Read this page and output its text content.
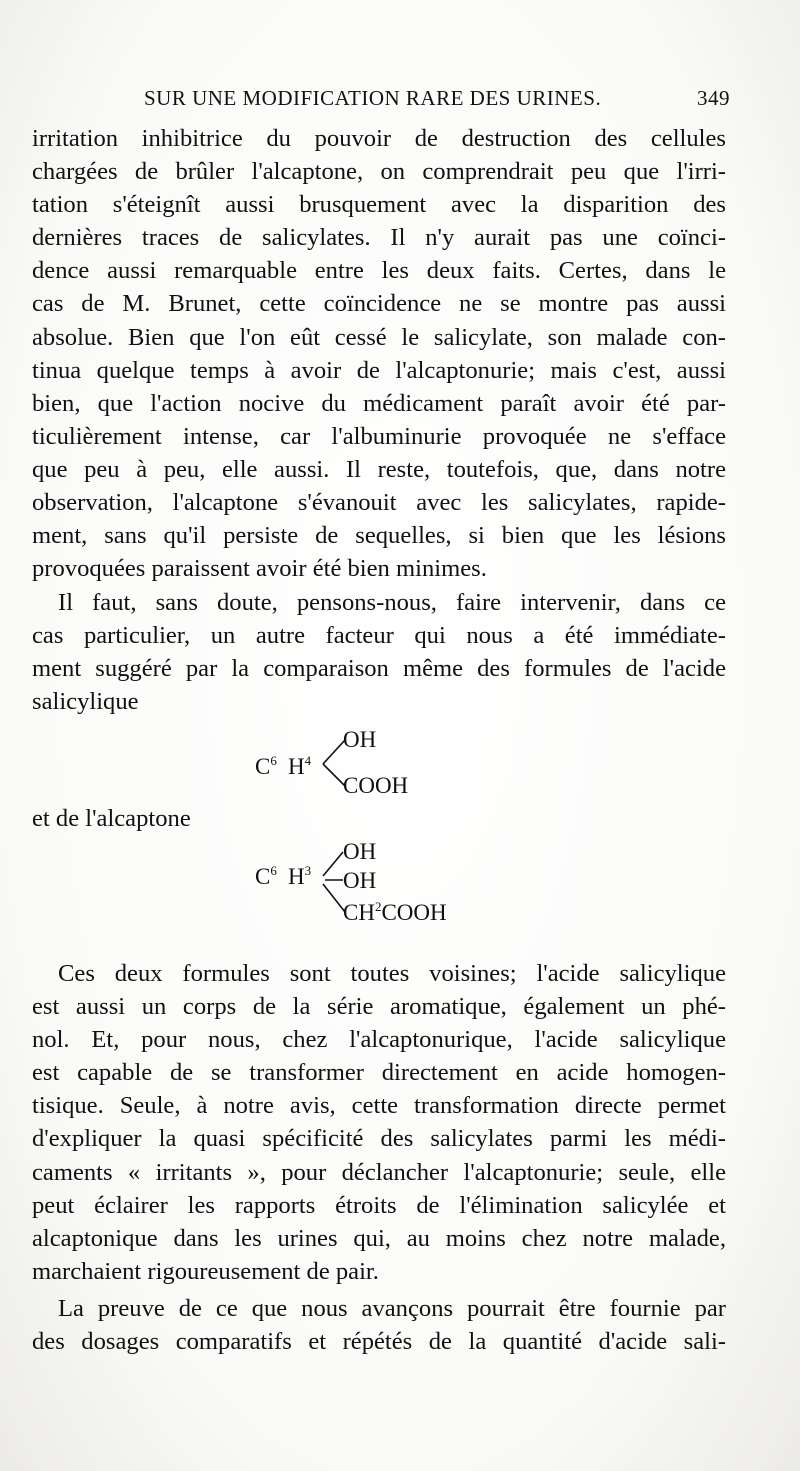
SUR UNE MODIFICATION RARE DES URINES.	349
irritation inhibitrice du pouvoir de destruction des cellules
chargées de brûler l'alcaptone, on comprendrait peu que l'irri-
tation s'éteignît aussi brusquement avec la disparition des
dernières traces de salicylates. Il n'y aurait pas une coïnci-
dence aussi remarquable entre les deux faits. Certes, dans le
cas de M. Brunet, cette coïncidence ne se montre pas aussi
absolue. Bien que l'on eût cessé le salicylate, son malade con-
tinua quelque temps à avoir de l'alcaptonurie; mais c'est, aussi
bien, que l'action nocive du médicament paraît avoir été par-
ticulièrement intense, car l'albuminurie provoquée ne s'efface
que peu à peu, elle aussi. Il reste, toutefois, que, dans notre
observation, l'alcaptone s'évanouit avec les salicylates, rapide-
ment, sans qu'il persiste de sequelles, si bien que les lésions
provoquées paraissent avoir été bien minimes.
Il faut, sans doute, pensons-nous, faire intervenir, dans ce
cas particulier, un autre facteur qui nous a été immédiate-
ment suggéré par la comparaison même des formules de l'acide
salicylique
$C^6$ $H^4$
OH
COOH
et de l'alcaptone
$C^6$ $H^3$
OH
OH
$CH^2COOH$
Ces deux formules sont toutes voisines; l'acide salicylique
est aussi un corps de la série aromatique, également un phé-
nol. Et, pour nous, chez l'alcaptonurique, l'acide salicylique
est capable de se transformer directement en acide homogen-
tisique. Seule, à notre avis, cette transformation directe permet
d'expliquer la quasi spécificité des salicylates parmi les médi-
caments « irritants », pour déclancher l'alcaptonurie; seule, elle
peut éclairer les rapports étroits de l'élimination salicylée et
alcaptonique dans les urines qui, au moins chez notre malade,
marchaient rigoureusement de pair.
La preuve de ce que nous avançons pourrait être fournie par
des dosages comparatifs et répétés de la quantité d'acide sali-
